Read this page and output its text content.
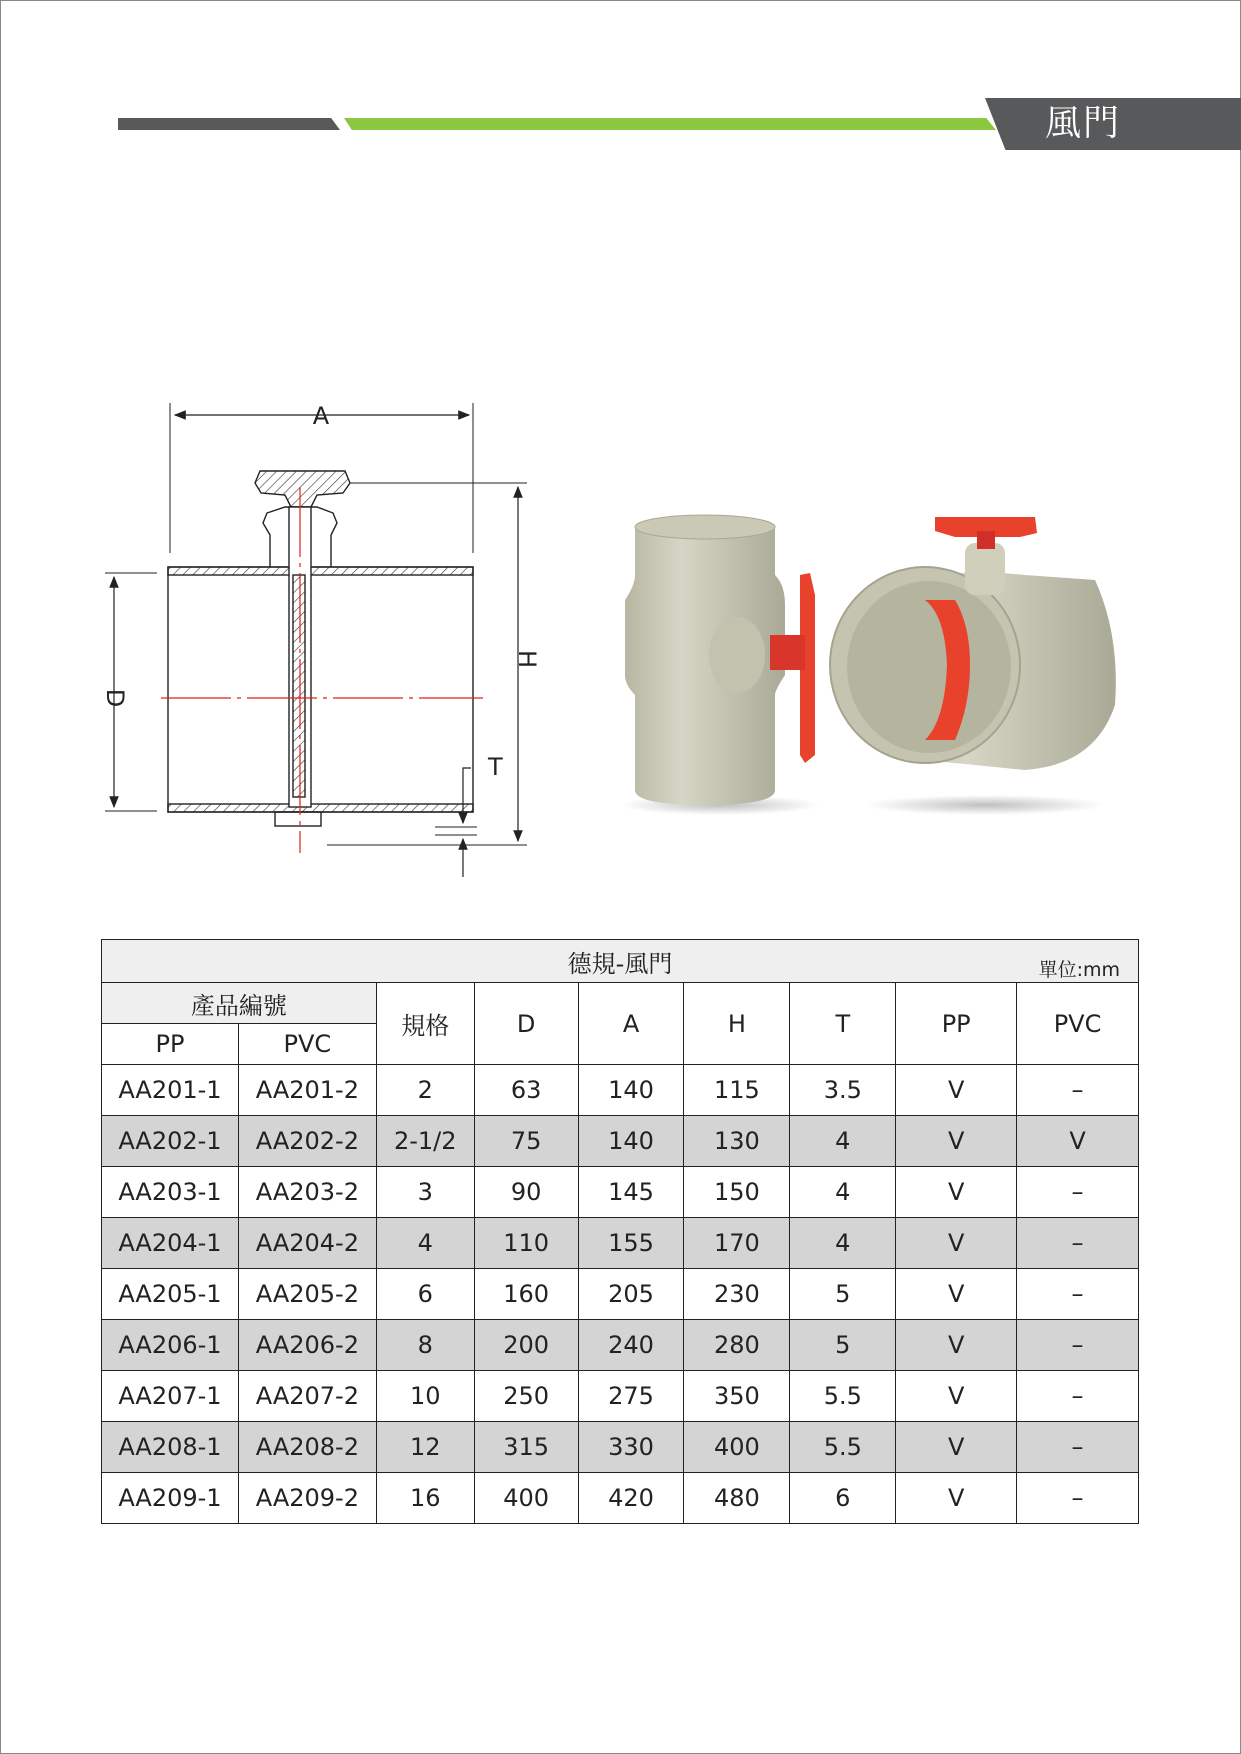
風門
A
H
D
T
德規-風門 單位:mm								

產品編號		規格	D	A	H	T	PP	PVC
PP	PVC							
AA201-1	AA201-2	2	63	140	115	3.5	V	–
AA202-1	AA202-2	2-1/2	75	140	130	4	V	V
AA203-1	AA203-2	3	90	145	150	4	V	–
AA204-1	AA204-2	4	110	155	170	4	V	–
AA205-1	AA205-2	6	160	205	230	5	V	–
AA206-1	AA206-2	8	200	240	280	5	V	–
AA207-1	AA207-2	10	250	275	350	5.5	V	–
AA208-1	AA208-2	12	315	330	400	5.5	V	–
AA209-1	AA209-2	16	400	420	480	6	V	–
